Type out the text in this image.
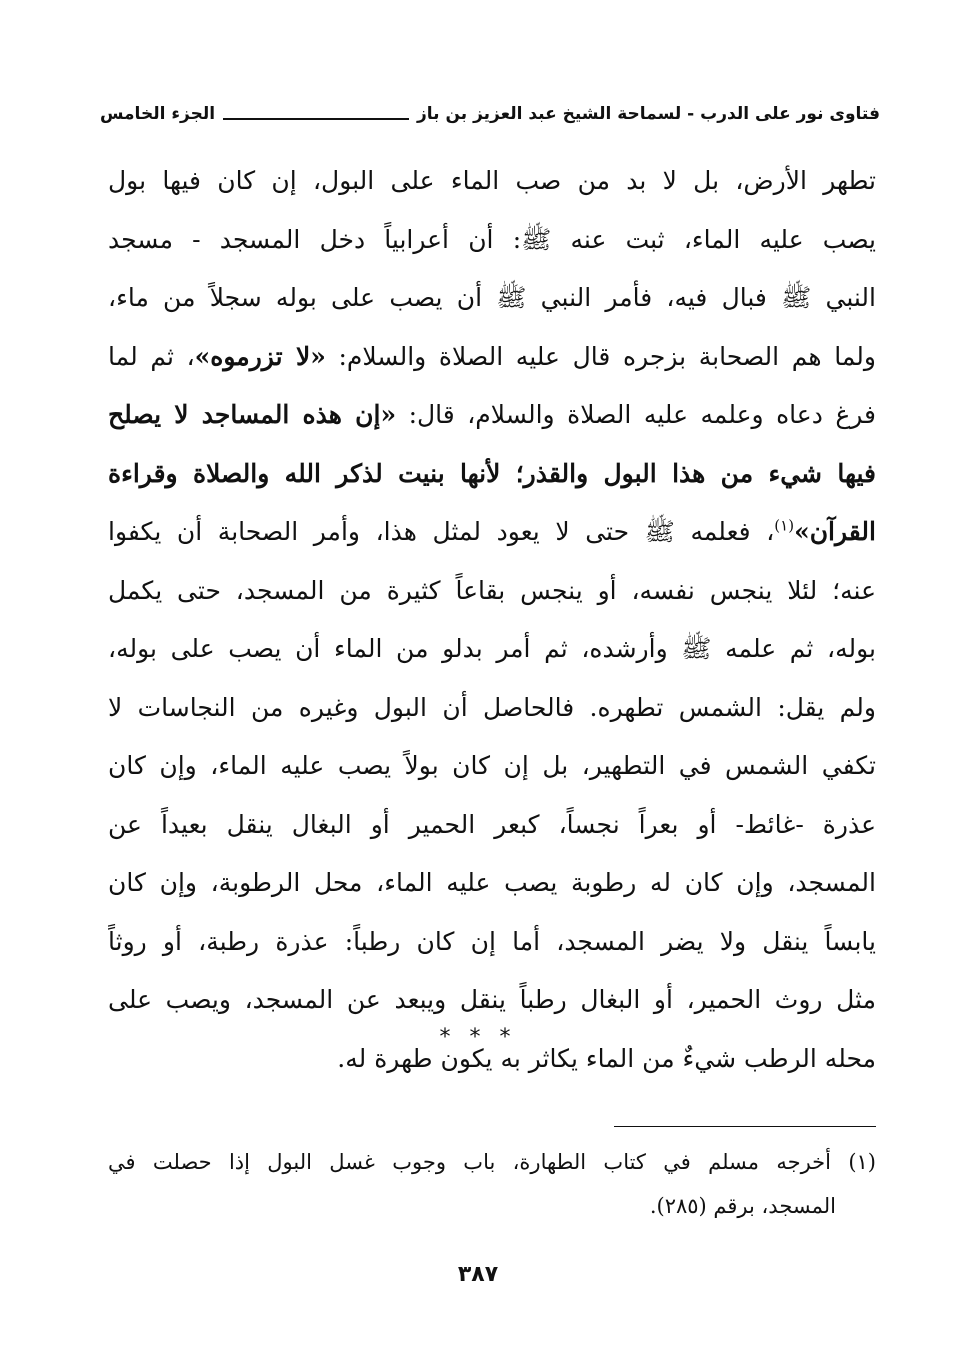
فتاوى نور على الدرب - لسماحة الشيخ عبد العزيز بن باز
الجزء الخامس
تطهر الأرض، بل لا بد من صب الماء على البول، إن كان فيها بول
يصب عليه الماء، ثبت عنه ﷺ: أن أعرابياً دخل المسجد - مسجد
النبي ﷺ فبال فيه، فأمر النبي ﷺ أن يصب على بوله سجلاً من ماء،
ولما هم الصحابة بزجره قال عليه الصلاة والسلام: «لا تزرموه»، ثم لما
فرغ دعاه وعلمه عليه الصلاة والسلام، قال: «إن هذه المساجد لا يصلح
فيها شيء من هذا البول والقذر؛ لأنها بنيت لذكر الله والصلاة وقراءة
القرآن»$^{(١)}$، فعلمه ﷺ حتى لا يعود لمثل هذا، وأمر الصحابة أن يكفوا
عنه؛ لئلا ينجس نفسه، أو ينجس بقاعاً كثيرة من المسجد، حتى يكمل
بوله، ثم علمه ﷺ وأرشده، ثم أمر بدلو من الماء أن يصب على بوله،
ولم يقل: الشمس تطهره. فالحاصل أن البول وغيره من النجاسات لا
تكفي الشمس في التطهير، بل إن كان بولاً يصب عليه الماء، وإن كان
عذرة -غائط- أو بعراً نجساً، كبعر الحمير أو البغال ينقل بعيداً عن
المسجد، وإن كان له رطوبة يصب عليه الماء، محل الرطوبة، وإن كان
يابساً ينقل ولا يضر المسجد، أما إن كان رطباً: عذرة رطبة، أو روثاً
مثل روث الحمير، أو البغال رطباً ينقل ويبعد عن المسجد، ويصب على
محله الرطب شيءٌ من الماء يكاثر به يكون طهرة له.
* * *
(١) أخرجه مسلم في كتاب الطهارة، باب وجوب غسل البول إذا حصلت في
المسجد، برقم (٢٨٥).
٣٨٧
